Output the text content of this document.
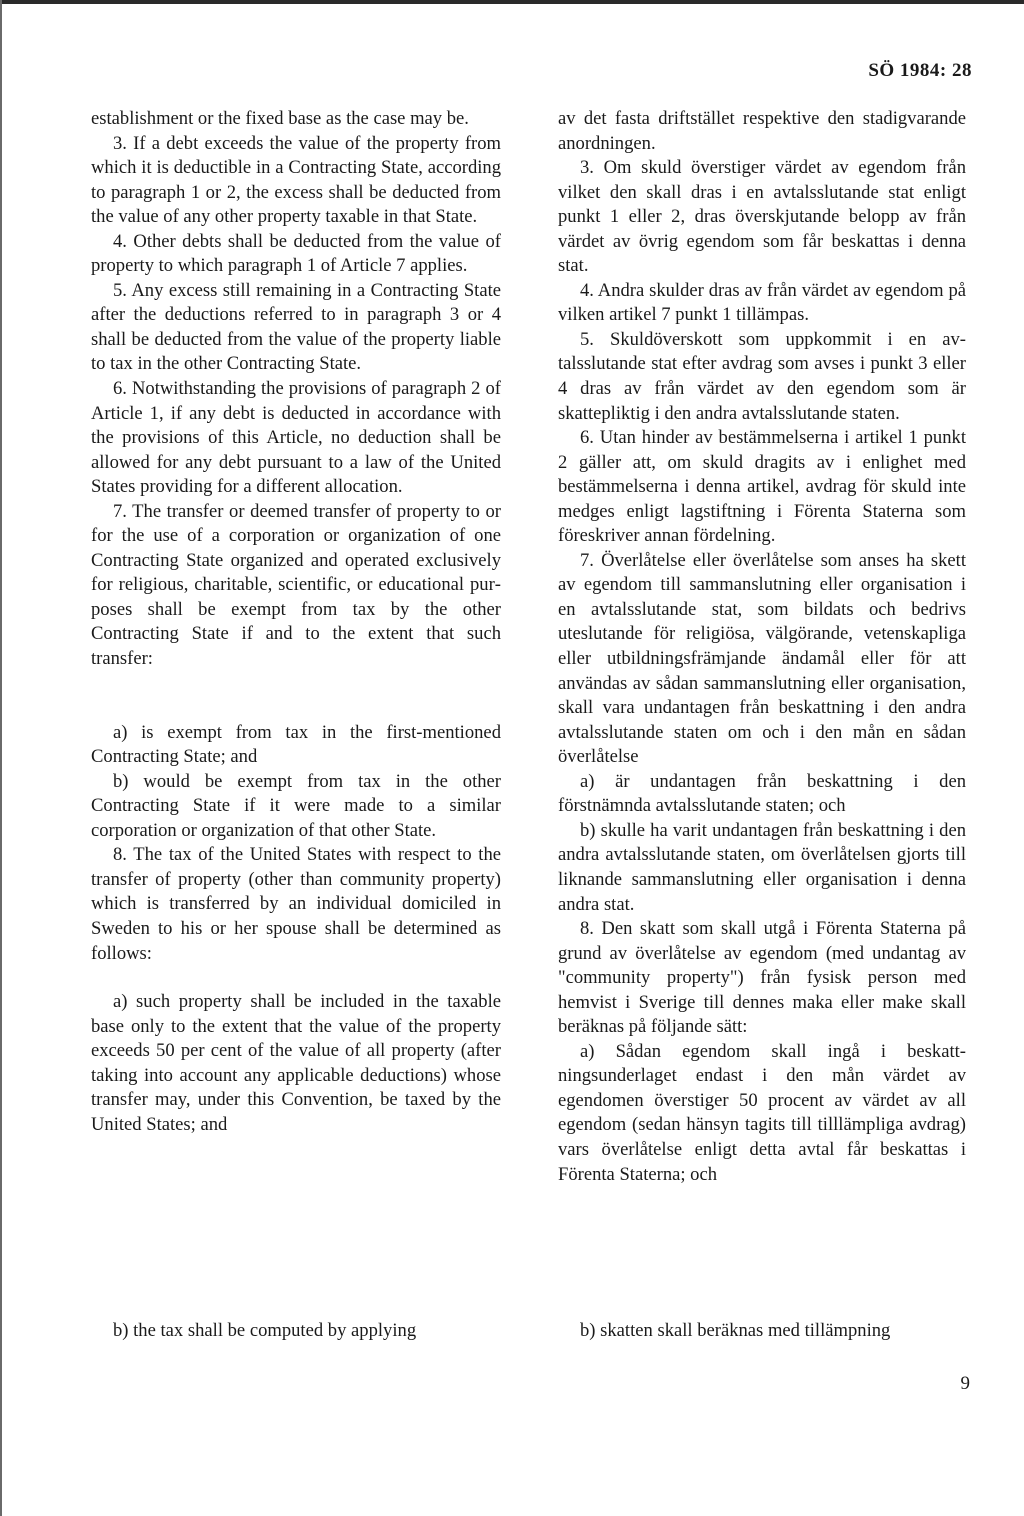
SÖ 1984: 28

establishment or the fixed base as the case may be.

3. If a debt exceeds the value of the property from which it is deductible in a Contracting State, according to paragraph 1 or 2, the excess shall be deducted from the value of any other property taxable in that State.

4. Other debts shall be deducted from the value of property to which paragraph 1 of Article 7 applies.

5. Any excess still remaining in a Contracting State after the deductions referred to in paragraph 3 or 4 shall be deducted from the value of the property liable to tax in the other Contracting State.

6. Notwithstanding the provisions of paragraph 2 of Article 1, if any debt is deducted in accordance with the provisions of this Article, no deduction shall be allowed for any debt pursuant to a law of the United States providing for a different allocation.

7. The transfer or deemed transfer of property to or for the use of a corporation or organization of one Contracting State organized and operated exclusively for religious, charitable, scientific, or educational purposes shall be exempt from tax by the other Contracting State if and to the extent that such transfer:

a) is exempt from tax in the first-mentioned Contracting State; and

b) would be exempt from tax in the other Contracting State if it were made to a similar corporation or organization of that other State.

8. The tax of the United States with respect to the transfer of property (other than community property) which is transferred by an individual domiciled in Sweden to his or her spouse shall be determined as follows:

a) such property shall be included in the taxable base only to the extent that the value of the property exceeds 50 per cent of the value of all property (after taking into account any applicable deductions) whose transfer may, under this Convention, be taxed by the United States; and

av det fasta driftstället respektive den stadigvarande anordningen.

3. Om skuld överstiger värdet av egendom från vilket den skall dras i en avtalsslutande stat enligt punkt 1 eller 2, dras överskjutande belopp av från värdet av övrig egendom som får beskattas i denna stat.

4. Andra skulder dras av från värdet av egendom på vilken artikel 7 punkt 1 tillämpas.

5. Skuldöverskott som uppkommit i en avtalsslutande stat efter avdrag som avses i punkt 3 eller 4 dras av från värdet av den egendom som är skattepliktig i den andra avtalsslutande staten.

6. Utan hinder av bestämmelserna i artikel 1 punkt 2 gäller att, om skuld dragits av i enlighet med bestämmelserna i denna artikel, avdrag för skuld inte medges enligt lagstiftning i Förenta Staterna som föreskriver annan fördelning.

7. Överlåtelse eller överlåtelse som anses ha skett av egendom till sammanslutning eller organisation i en avtalsslutande stat, som bildats och bedrivs uteslutande för religiösa, välgörande, vetenskapliga eller utbildningsfrämjande ändamål eller för att användas av sådan sammanslutning eller organisation, skall vara undantagen från beskattning i den andra avtalsslutande staten om och i den mån en sådan överlåtelse

a) är undantagen från beskattning i den förstnämnda avtalsslutande staten; och

b) skulle ha varit undantagen från beskattning i den andra avtalsslutande staten, om överlåtelsen gjorts till liknande sammanslutning eller organisation i denna andra stat.

8. Den skatt som skall utgå i Förenta Staterna på grund av överlåtelse av egendom (med undantag av "community property") från fysisk person med hemvist i Sverige till dennes maka eller make skall beräknas på följande sätt:

a) Sådan egendom skall ingå i beskattningsunderlaget endast i den mån värdet av egendomen överstiger 50 procent av värdet av all egendom (sedan hänsyn tagits till tilllämpliga avdrag) vars överlåtelse enligt detta avtal får beskattas i Förenta Staterna; och

b) the tax shall be computed by applying	b) skatten skall beräknas med tillämpning
9
